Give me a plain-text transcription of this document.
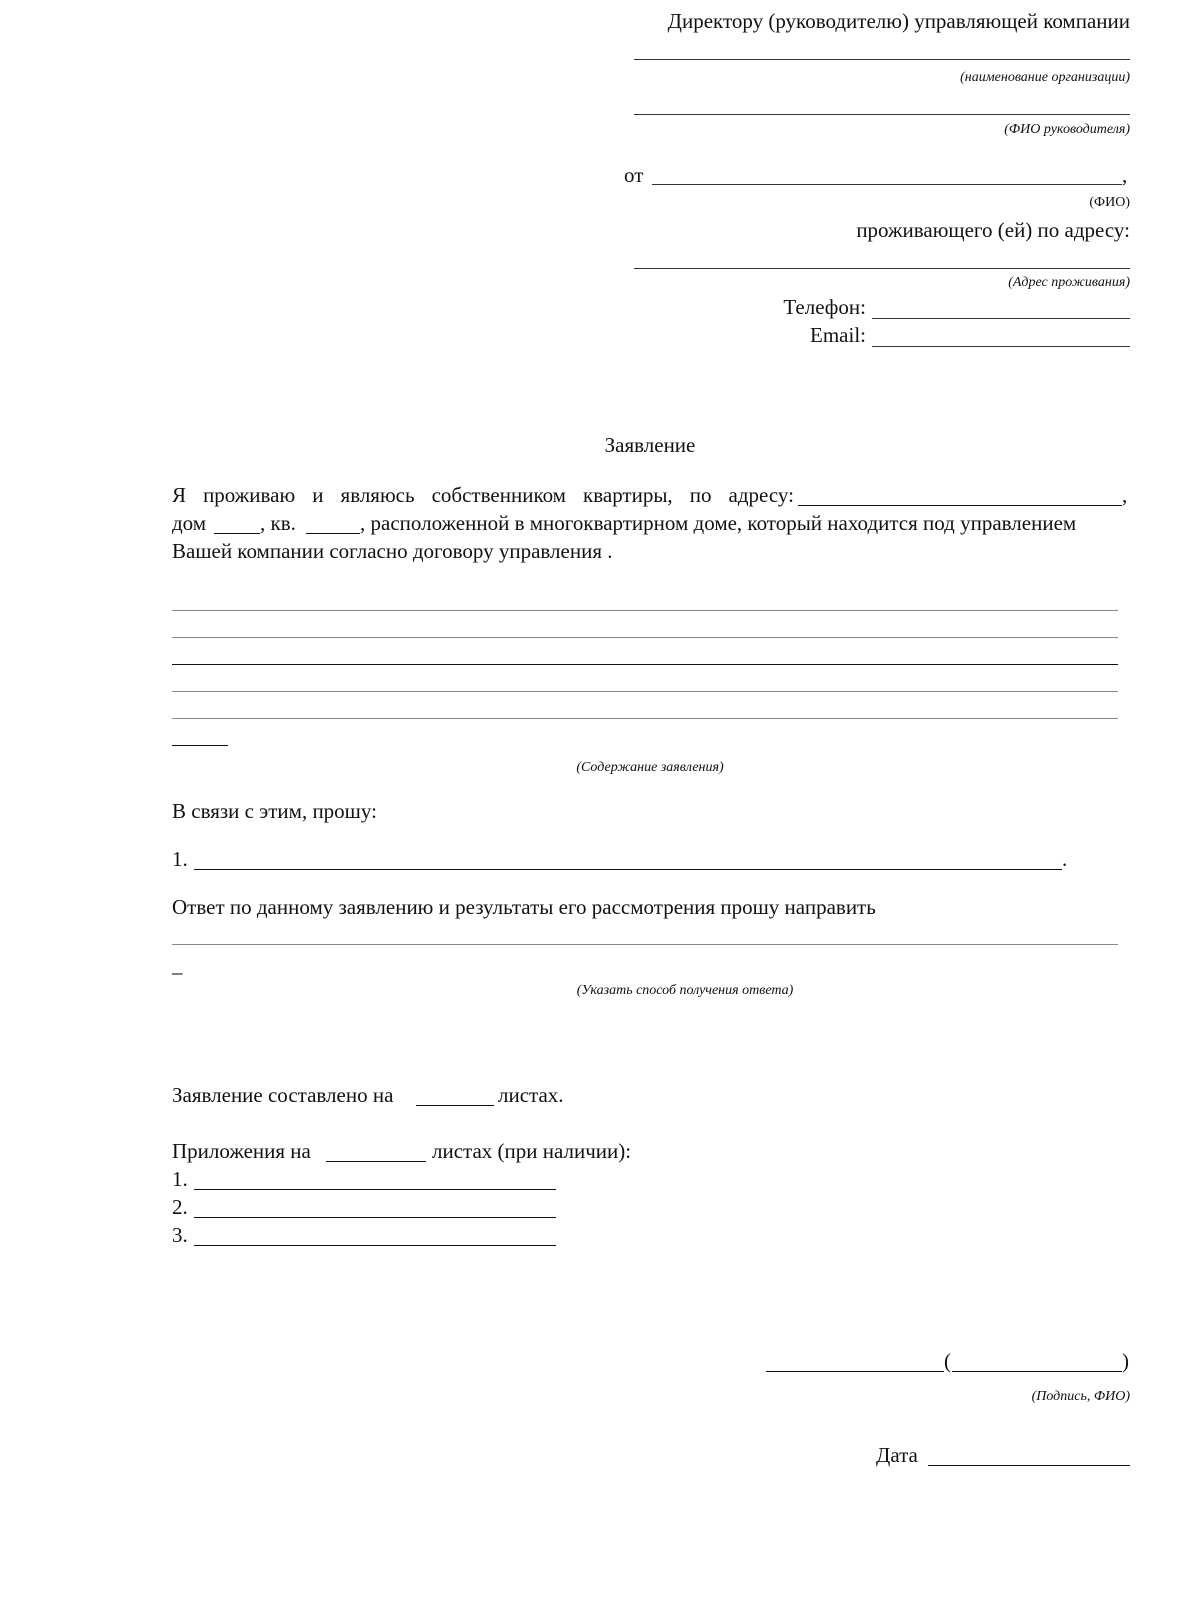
Директору (руководителю) управляющей компании
(наименование организации)
(ФИО руководителя)
от	,
(ФИО)
проживающего (ей) по адресу:
(Адрес проживания)
Телефон:
Email:
Заявление
Я проживаю и являюсь собственником квартиры, по адресу:	,
дом	, кв.	, расположенной в многоквартирном доме, который находится под управлением
Вашей компании согласно договору управления .
(Содержание заявления)
В связи с этим, прошу:
1.	.
Ответ по данному заявлению и результаты его рассмотрения прошу направить
_
(Указать способ получения ответа)
Заявление составлено на	листах.
Приложения на	листах (при наличии):
1.
2.
3.
(	)
(Подпись, ФИО)
Дата
